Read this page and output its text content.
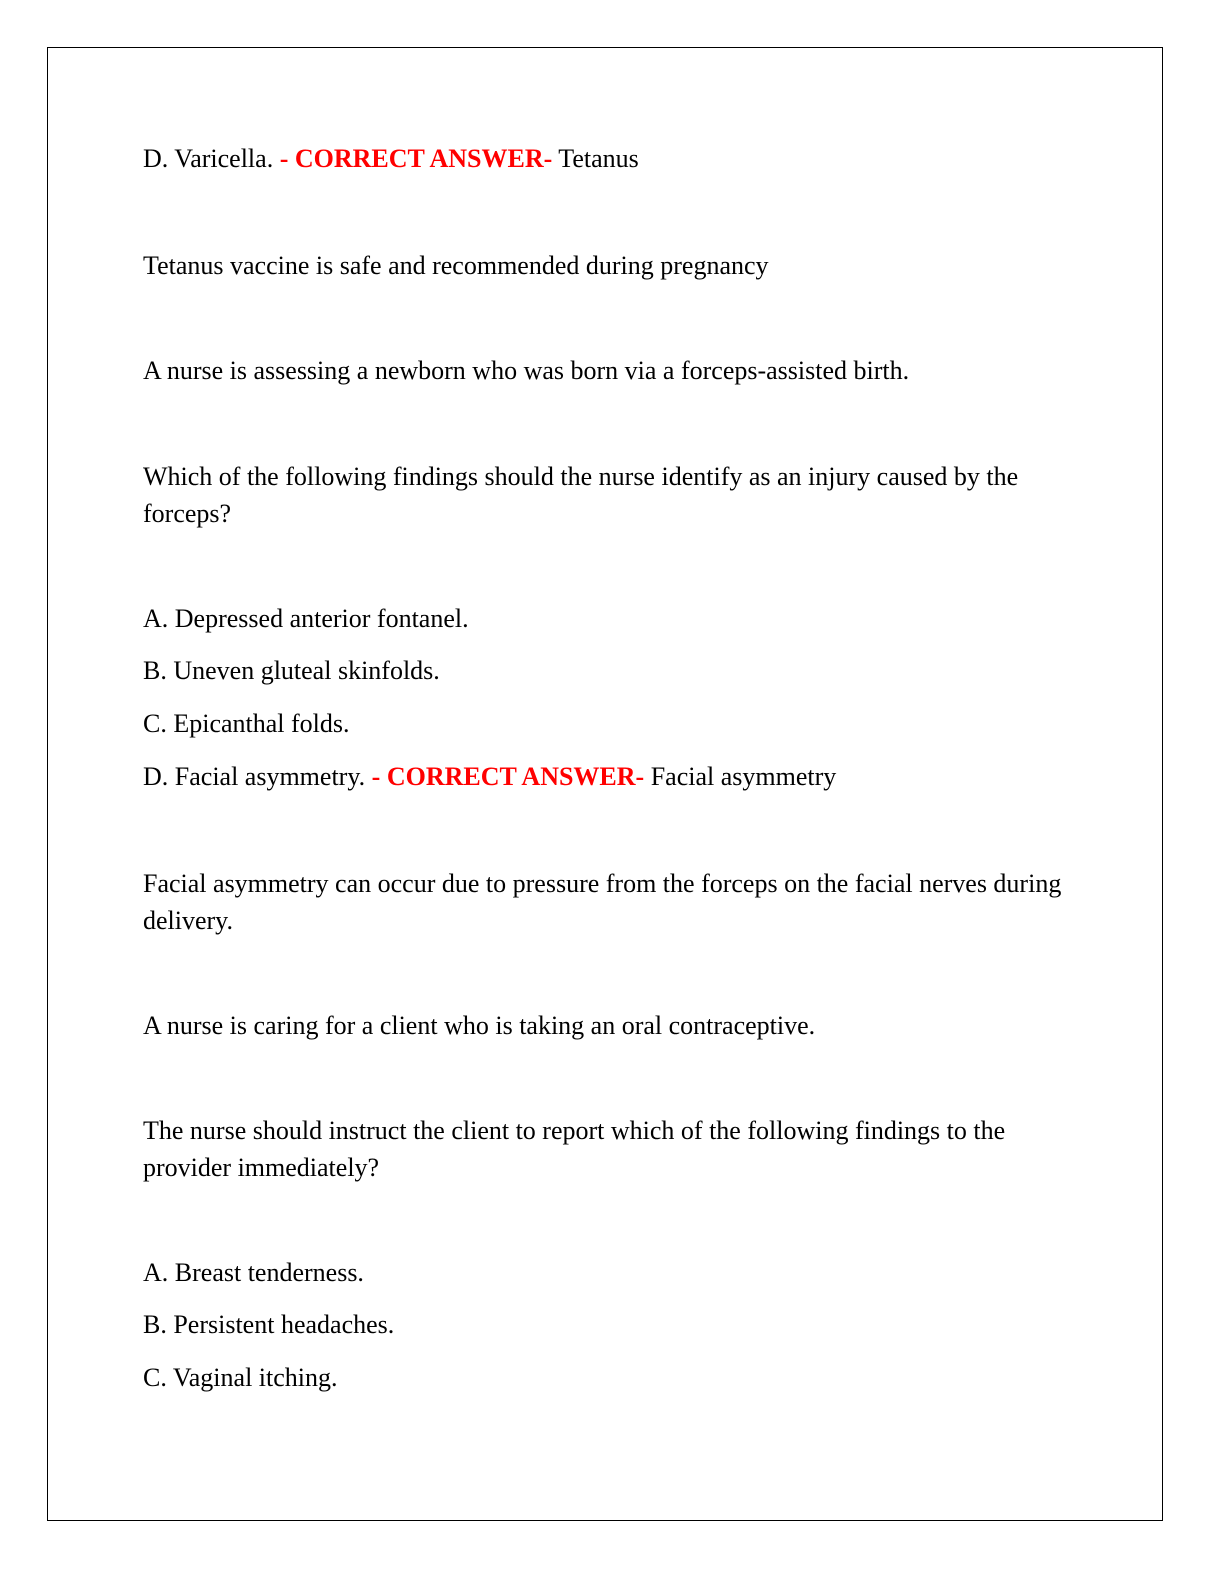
D. Varicella. - CORRECT ANSWER- Tetanus

Tetanus vaccine is safe and recommended during pregnancy

A nurse is assessing a newborn who was born via a forceps-assisted birth.

Which of the following findings should the nurse identify as an injury caused by the forceps?

A. Depressed anterior fontanel.

B. Uneven gluteal skinfolds.

C. Epicanthal folds.

D. Facial asymmetry. - CORRECT ANSWER- Facial asymmetry

Facial asymmetry can occur due to pressure from the forceps on the facial nerves during delivery.

A nurse is caring for a client who is taking an oral contraceptive.

The nurse should instruct the client to report which of the following findings to the provider immediately?

A. Breast tenderness.

B. Persistent headaches.

C. Vaginal itching.
